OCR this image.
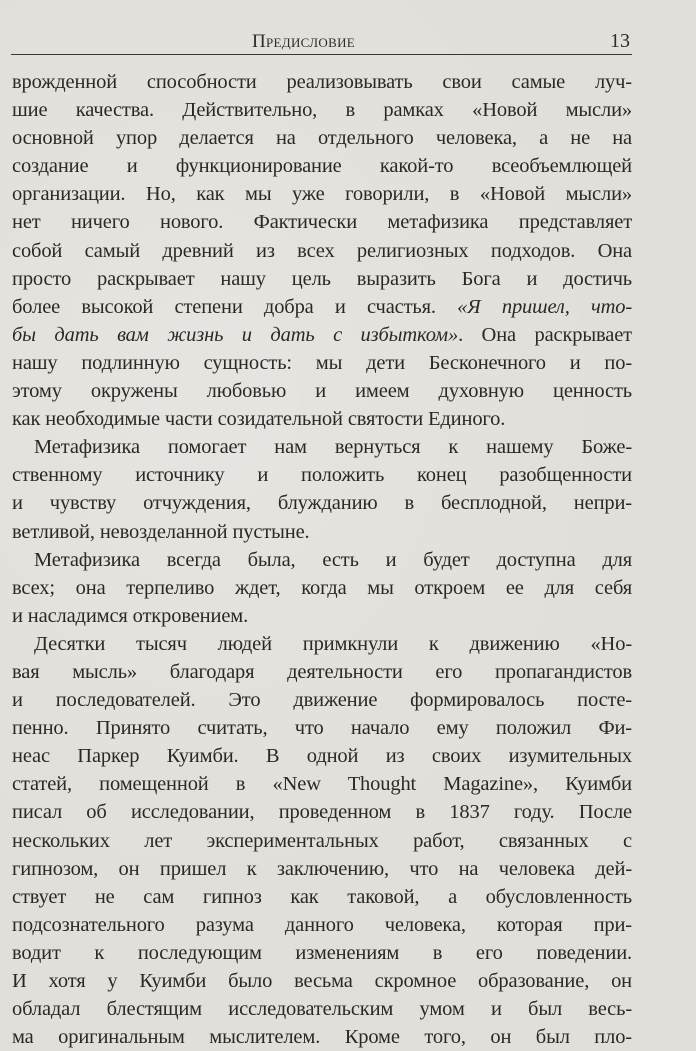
Предисловие	13
врожденной способности реализовывать свои самые луч-
шие качества. Действительно, в рамках «Новой мысли»
основной упор делается на отдельного человека, а не на
создание и функционирование какой-то всеобъемлющей
организации. Но, как мы уже говорили, в «Новой мысли»
нет ничего нового. Фактически метафизика представляет
собой самый древний из всех религиозных подходов. Она
просто раскрывает нашу цель выразить Бога и достичь
более высокой степени добра и счастья. «Я пришел, что-
бы дать вам жизнь и дать с избытком». Она раскрывает
нашу подлинную сущность: мы дети Бесконечного и по-
этому окружены любовью и имеем духовную ценность
как необходимые части созидательной святости Единого.
Метафизика помогает нам вернуться к нашему Боже-
ственному источнику и положить конец разобщенности
и чувству отчуждения, блужданию в бесплодной, непри-
ветливой, невозделанной пустыне.
Метафизика всегда была, есть и будет доступна для
всех; она терпеливо ждет, когда мы откроем ее для себя
и насладимся откровением.
Десятки тысяч людей примкнули к движению «Но-
вая мысль» благодаря деятельности его пропагандистов
и последователей. Это движение формировалось посте-
пенно. Принято считать, что начало ему положил Фи-
неас Паркер Куимби. В одной из своих изумительных
статей, помещенной в «New Thought Magazine», Куимби
писал об исследовании, проведенном в 1837 году. После
нескольких лет экспериментальных работ, связанных с
гипнозом, он пришел к заключению, что на человека дей-
ствует не сам гипноз как таковой, а обусловленность
подсознательного разума данного человека, которая при-
водит к последующим изменениям в его поведении.
И хотя у Куимби было весьма скромное образование, он
обладал блестящим исследовательским умом и был весь-
ма оригинальным мыслителем. Кроме того, он был пло-
